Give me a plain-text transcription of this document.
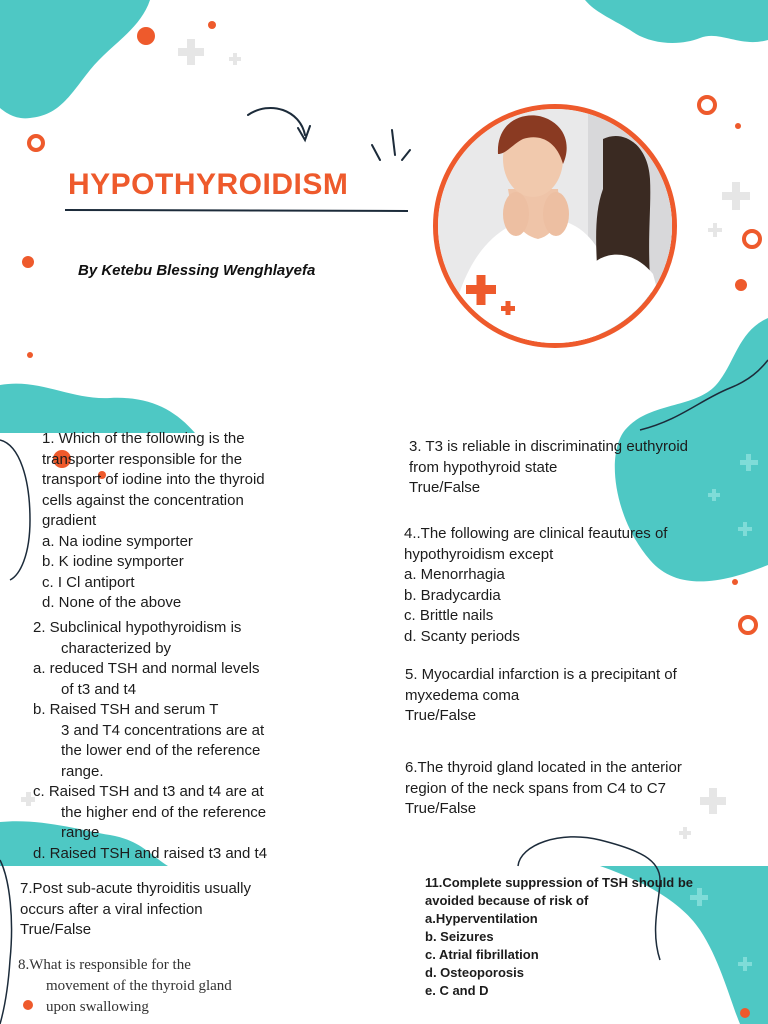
HYPOTHYROIDISM
By Ketebu Blessing Wenghlayefa
1. Which of the following is the
transporter responsible for the
transport of iodine into the thyroid
cells against the concentration
gradient
a. Na iodine symporter
b. K iodine symporter
c. I Cl antiport
d. None of the above
2. Subclinical hypothyroidism is
characterized by
a. reduced TSH and normal levels
of t3 and t4
b. Raised TSH and serum T
3 and T4 concentrations are at
the lower end of the reference
range.
c. Raised TSH and t3 and t4 are at
the higher end of the reference
range
d. Raised TSH and raised t3 and t4
3. T3 is reliable in discriminating euthyroid
from hypothyroid state
True/False
4..The following are clinical feautures of
hypothyroidism except
a. Menorrhagia
b. Bradycardia
c. Brittle nails
d. Scanty periods
5. Myocardial infarction is a precipitant of
myxedema coma
True/False
6.The thyroid gland located in the anterior
region of the neck spans from C4 to C7
True/False
7.Post sub-acute thyroiditis usually
occurs after a viral infection
True/False
8.What is responsible for the
movement of the thyroid gland
upon swallowing
11.Complete suppression of TSH should be
avoided because of risk of
a.Hyperventilation
b. Seizures
c. Atrial fibrillation
d. Osteoporosis
e. C and D
